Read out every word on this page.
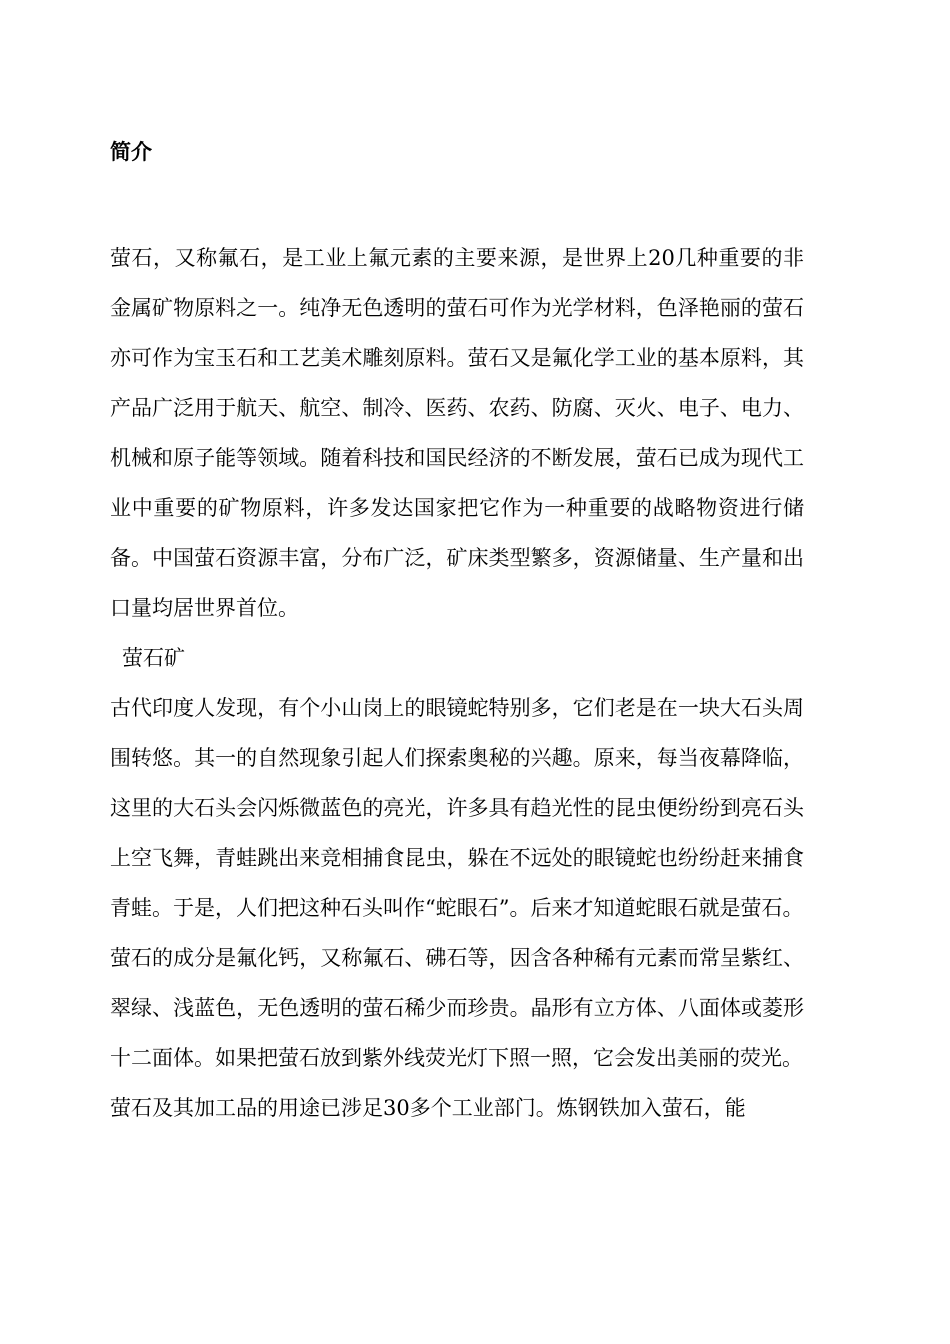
简介

萤石，又称氟石，是工业上氟元素的主要来源，是世界上20几种重要的非金属矿物原料之一。纯净无色透明的萤石可作为光学材料，色泽艳丽的萤石亦可作为宝玉石和工艺美术雕刻原料。萤石又是氟化学工业的基本原料，其产品广泛用于航天、航空、制冷、医药、农药、防腐、灭火、电子、电力、机械和原子能等领域。随着科技和国民经济的不断发展，萤石已成为现代工业中重要的矿物原料，许多发达国家把它作为一种重要的战略物资进行储备。中国萤石资源丰富，分布广泛，矿床类型繁多，资源储量、生产量和出口量均居世界首位。

萤石矿

古代印度人发现，有个小山岗上的眼镜蛇特别多，它们老是在一块大石头周围转悠。其一的自然现象引起人们探索奥秘的兴趣。原来，每当夜幕降临，这里的大石头会闪烁微蓝色的亮光，许多具有趋光性的昆虫便纷纷到亮石头上空飞舞，青蛙跳出来竞相捕食昆虫，躲在不远处的眼镜蛇也纷纷赶来捕食青蛙。于是，人们把这种石头叫作“蛇眼石”。后来才知道蛇眼石就是萤石。

萤石的成分是氟化钙，又称氟石、砩石等，因含各种稀有元素而常呈紫红、翠绿、浅蓝色，无色透明的萤石稀少而珍贵。晶形有立方体、八面体或菱形十二面体。如果把萤石放到紫外线荧光灯下照一照，它会发出美丽的荧光。

萤石及其加工品的用途已涉足30多个工业部门。炼钢铁加入萤石，能
